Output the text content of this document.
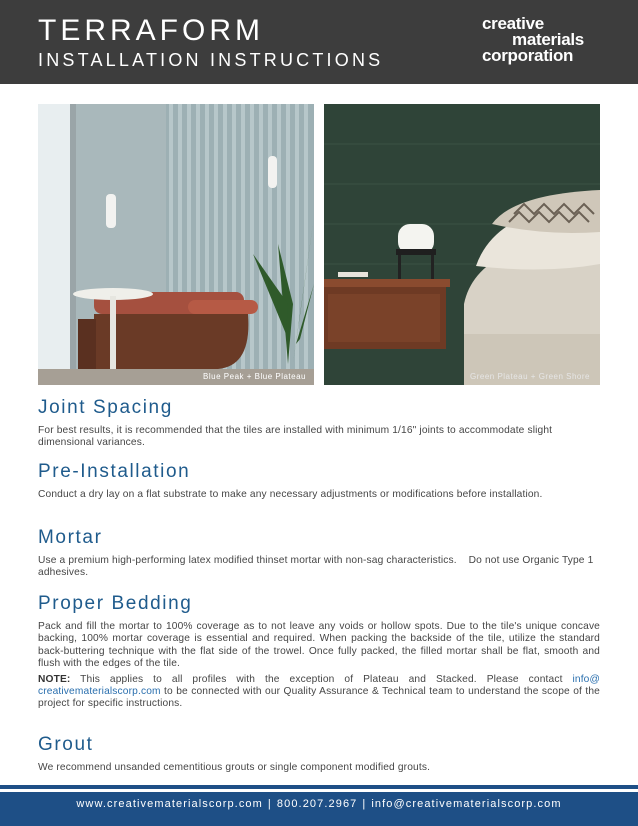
TERRAFORM
INSTALLATION INSTRUCTIONS
creative
materials
corporation
Blue Peak + Blue Plateau	Green Plateau + Green Shore
Joint Spacing
For best results, it is recommended that the tiles are installed with minimum 1/16" joints to accommodate slight dimensional variances.
Pre-Installation
Conduct a dry lay on a flat substrate to make any necessary adjustments or modifications before installation.
Mortar
Use a premium high-performing latex modified thinset mortar with non-sag characteristics.    Do not use Organic Type 1 adhesives.
Proper Bedding
Pack and fill the mortar to 100% coverage as to not leave any voids or hollow spots. Due to the tile's unique concave backing, 100% mortar coverage is essential and required. When packing the backside of the tile, utilize the standard back-buttering technique with the flat side of the trowel. Once fully packed, the filled mortar shall be flat, smooth and flush with the edges of the tile.
NOTE: This applies to all profiles with the exception of Plateau and Stacked. Please contact info@ creativematerialscorp.com to be connected with our Quality Assurance & Technical team to understand the scope of the project for specific instructions.
Grout
We recommend unsanded cementitious grouts or single component modified grouts.
www.creativematerialscorp.com | 800.207.2967 | info@creativematerialscorp.com
